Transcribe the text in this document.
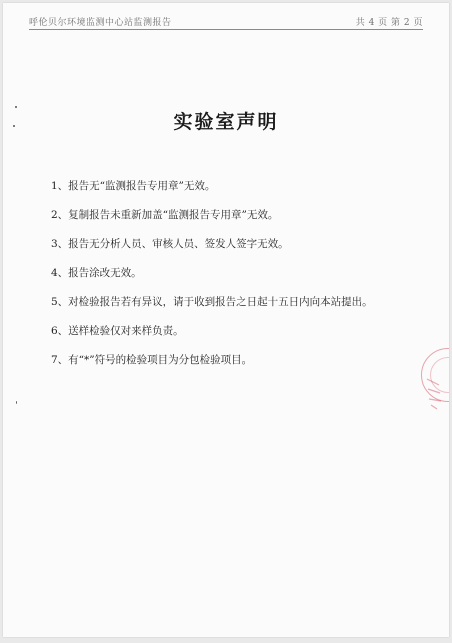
呼伦贝尔环境监测中心站监测报告	共 4 页 第 2 页
实验室声明
1、报告无“监测报告专用章”无效。
2、复制报告未重新加盖“监测报告专用章”无效。
3、报告无分析人员、审核人员、签发人签字无效。
4、报告涂改无效。
5、对检验报告若有异议，请于收到报告之日起十五日内向本站提出。
6、送样检验仅对来样负责。
7、有“*”符号的检验项目为分包检验项目。
